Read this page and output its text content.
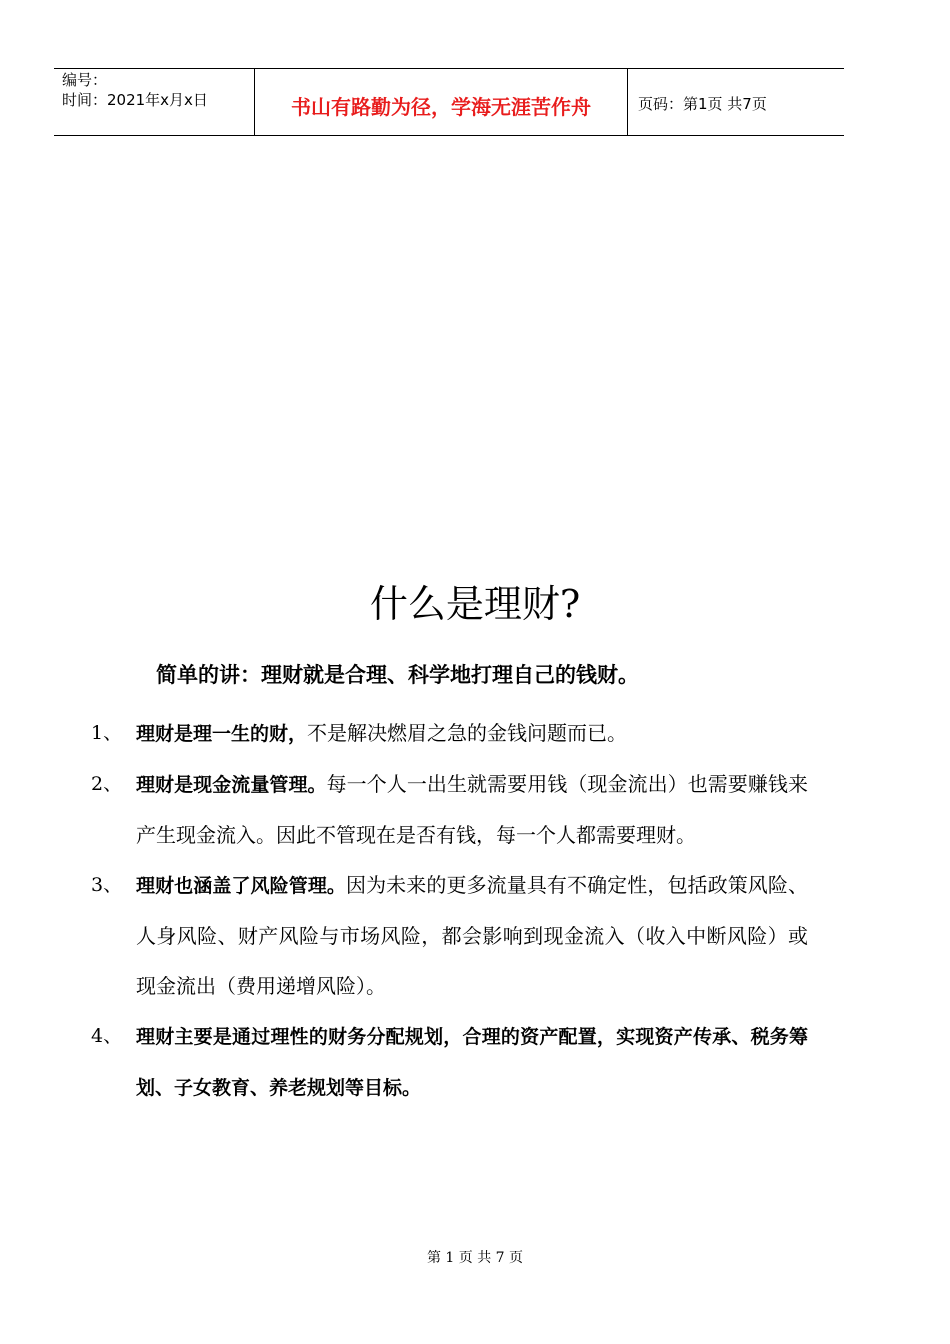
编号：
时间：2021年x月x日	书山有路勤为径，学海无涯苦作舟	页码：第1页 共7页
什么是理财?
简单的讲：理财就是合理、科学地打理自己的钱财。
1、 理财是理一生的财，不是解决燃眉之急的金钱问题而已。
2、 理财是现金流量管理。每一个人一出生就需要用钱（现金流出）也需要赚钱来产生现金流入。因此不管现在是否有钱，每一个人都需要理财。
3、 理财也涵盖了风险管理。因为未来的更多流量具有不确定性，包括政策风险、人身风险、财产风险与市场风险，都会影响到现金流入（收入中断风险）或现金流出（费用递增风险）。
4、 理财主要是通过理性的财务分配规划，合理的资产配置，实现资产传承、税务筹划、子女教育、养老规划等目标。
第 1 页 共 7 页
